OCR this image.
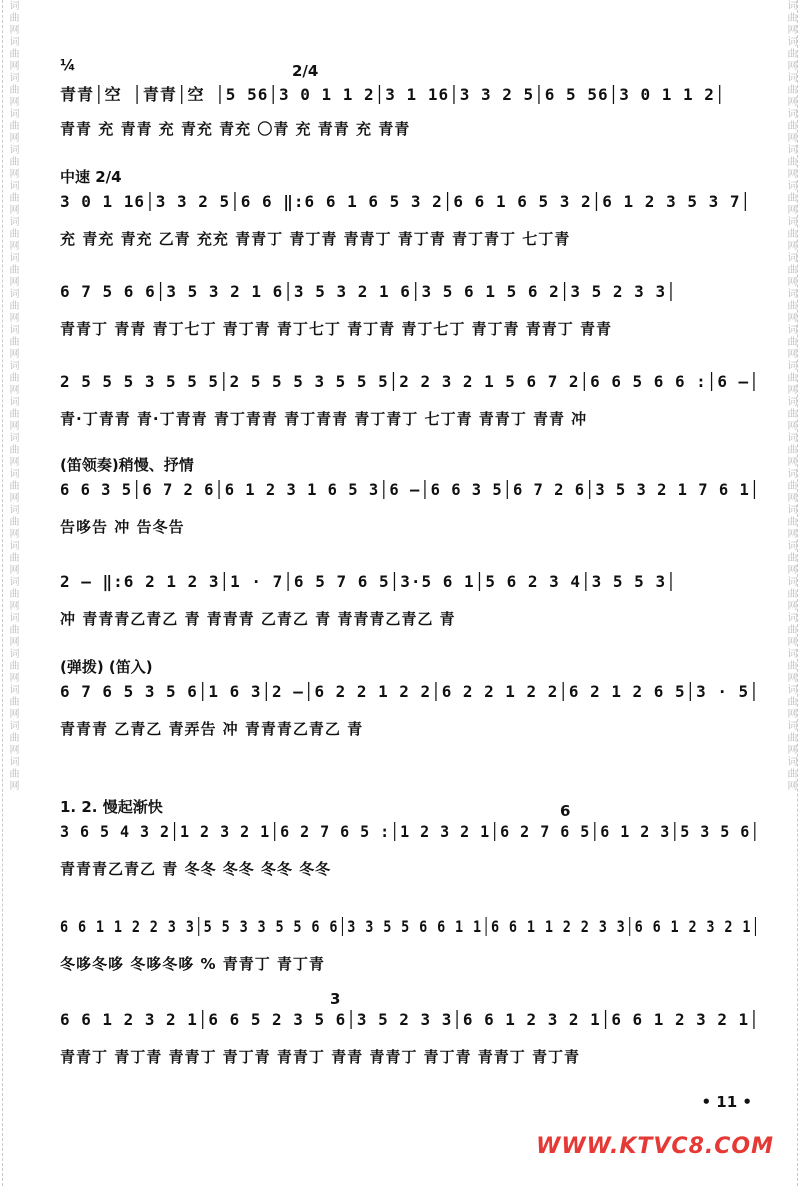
词曲网词曲网词曲网词曲网词曲网词曲网词曲网词曲网词曲网词曲网词曲网词曲网词曲网词曲网词曲网词曲网词曲网词曲网词曲网词曲网词曲网词曲网	词曲网词曲网词曲网词曲网词曲网词曲网词曲网词曲网词曲网词曲网词曲网词曲网词曲网词曲网词曲网词曲网词曲网词曲网词曲网词曲网词曲网词曲网
¼	2/4
青青│空 │青青│空 │5 56│3 0 1 1 2│3 1 16│3 3 2 5│6 5 56│3 0 1 1 2│
青青 充 青青 充 青充 青充 〇青 充 青青 充 青青
中速 2/4
3 0 1 16│3 3 2 5│6 6 ‖:6 6 1 6 5 3 2│6 6 1 6 5 3 2│6 1 2 3 5 3 7│
充 青充 青充 乙青 充充 青青丁 青丁青 青青丁 青丁青 青丁青丁 七丁青
6 7 5 6 6│3 5 3 2 1 6│3 5 3 2 1 6│3 5 6 1 5 6 2│3 5 2 3 3│
青青丁 青青 青丁七丁 青丁青 青丁七丁 青丁青 青丁七丁 青丁青 青青丁 青青
2 5 5 5 3 5 5 5│2 5 5 5 3 5 5 5│2 2 3 2 1 5 6 7 2│6 6 5 6 6 :│6 —│
青·丁青青 青·丁青青 青丁青青 青丁青青 青丁青丁 七丁青 青青丁 青青 冲
(笛领奏)稍慢、抒情
6 6 3 5│6 7 2 6│6 1 2 3 1 6 5 3│6 —│6 6 3 5│6 7 2 6│3 5 3 2 1 7 6 1│
告哆告 冲 告冬告
2 — ‖:6 2 1 2 3│1 · 7│6 5 7 6 5│3·5 6 1│5 6 2 3 4│3 5 5 3│
冲 青青青乙青乙 青 青青青 乙青乙 青 青青青乙青乙 青
(弹拨) (笛入)
6 7 6 5 3 5 6│1 6 3│2 —│6 2 2 1 2 2│6 2 2 1 2 2│6 2 1 2 6 5│3 · 5│
青青青 乙青乙 青弄告 冲 青青青乙青乙 青
1. 2. 慢起渐快	6
3 6 5 4 3 2│1 2 3 2 1│6 2 7 6 5 :│1 2 3 2 1│6 2 7 6 5│6 1 2 3│5 3 5 6│
青青青乙青乙 青 冬冬 冬冬 冬冬 冬冬
6 6 1 1 2 2 3 3│5 5 3 3 5 5 6 6│3 3 5 5 6 6 1 1│6 6 1 1 2 2 3 3│6 6 1 2 3 2 1│
冬哆冬哆 冬哆冬哆 % 青青丁 青丁青
3
6 6 1 2 3 2 1│6 6 5 2 3 5 6│3 5 2 3 3│6 6 1 2 3 2 1│6 6 1 2 3 2 1│
青青丁 青丁青 青青丁 青丁青 青青丁 青青 青青丁 青丁青 青青丁 青丁青
• 11 •
WWW.KTVC8.COM
